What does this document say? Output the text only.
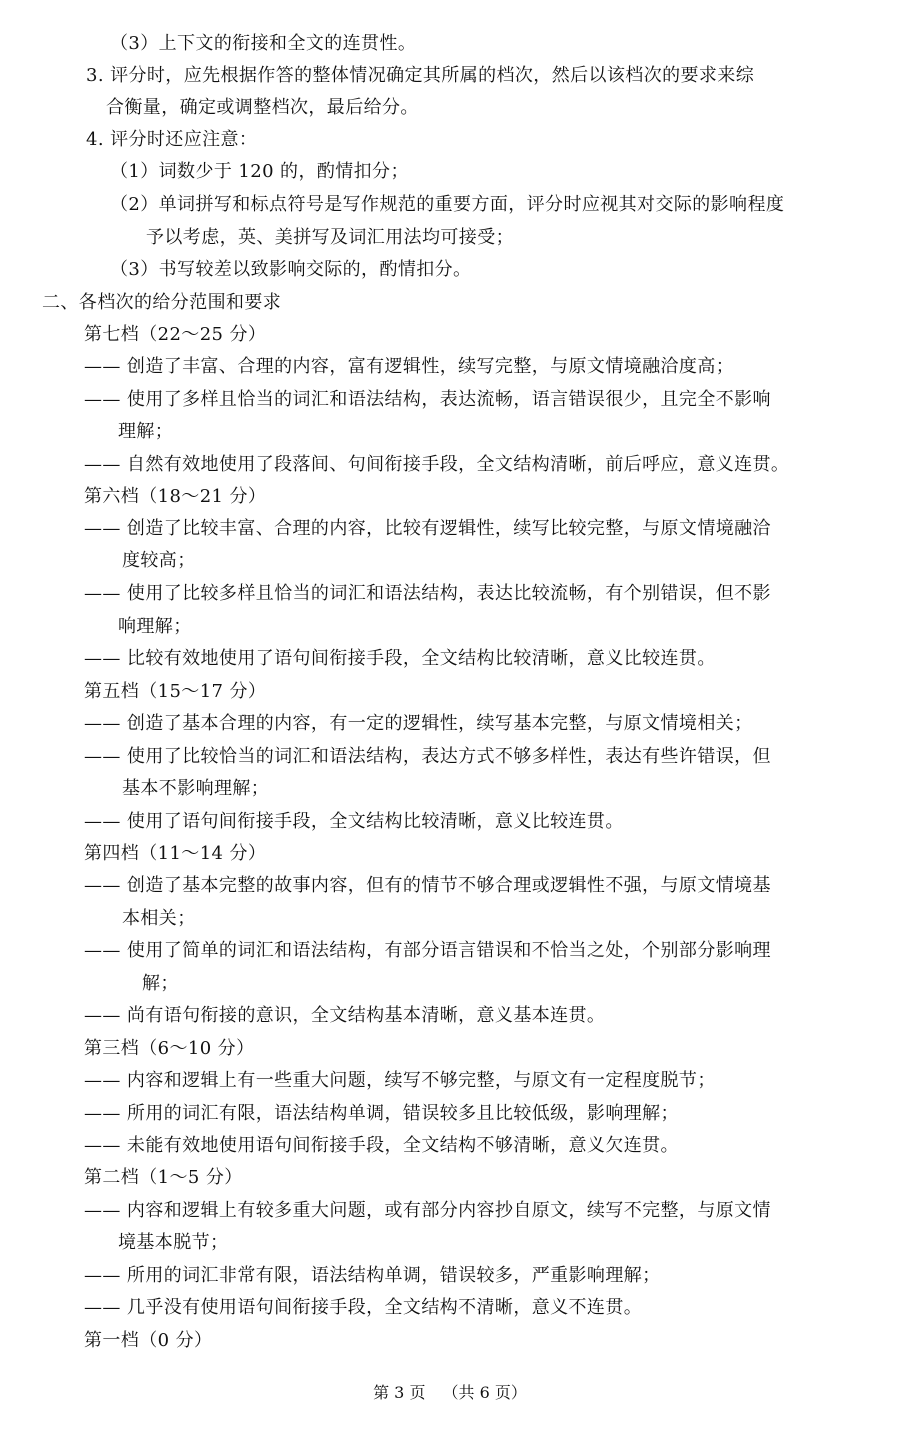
（3）上下文的衔接和全文的连贯性。
3. 评分时，应先根据作答的整体情况确定其所属的档次，然后以该档次的要求来综
合衡量，确定或调整档次，最后给分。
4. 评分时还应注意：
（1）词数少于 120 的，酌情扣分；
（2）单词拼写和标点符号是写作规范的重要方面，评分时应视其对交际的影响程度
予以考虑，英、美拼写及词汇用法均可接受；
（3）书写较差以致影响交际的，酌情扣分。
二、各档次的给分范围和要求
第七档（22～25 分）
—— 创造了丰富、合理的内容，富有逻辑性，续写完整，与原文情境融洽度高；
—— 使用了多样且恰当的词汇和语法结构，表达流畅，语言错误很少，且完全不影响
理解；
—— 自然有效地使用了段落间、句间衔接手段，全文结构清晰，前后呼应，意义连贯。
第六档（18～21 分）
—— 创造了比较丰富、合理的内容，比较有逻辑性，续写比较完整，与原文情境融洽
度较高；
—— 使用了比较多样且恰当的词汇和语法结构，表达比较流畅，有个别错误，但不影
响理解；
—— 比较有效地使用了语句间衔接手段，全文结构比较清晰，意义比较连贯。
第五档（15～17 分）
—— 创造了基本合理的内容，有一定的逻辑性，续写基本完整，与原文情境相关；
—— 使用了比较恰当的词汇和语法结构，表达方式不够多样性，表达有些许错误，但
基本不影响理解；
—— 使用了语句间衔接手段，全文结构比较清晰，意义比较连贯。
第四档（11～14 分）
—— 创造了基本完整的故事内容，但有的情节不够合理或逻辑性不强，与原文情境基
本相关；
—— 使用了简单的词汇和语法结构，有部分语言错误和不恰当之处，个别部分影响理
解；
—— 尚有语句衔接的意识，全文结构基本清晰，意义基本连贯。
第三档（6～10 分）
—— 内容和逻辑上有一些重大问题，续写不够完整，与原文有一定程度脱节；
—— 所用的词汇有限，语法结构单调，错误较多且比较低级，影响理解；
—— 未能有效地使用语句间衔接手段，全文结构不够清晰，意义欠连贯。
第二档（1～5 分）
—— 内容和逻辑上有较多重大问题，或有部分内容抄自原文，续写不完整，与原文情
境基本脱节；
—— 所用的词汇非常有限，语法结构单调，错误较多，严重影响理解；
—— 几乎没有使用语句间衔接手段，全文结构不清晰，意义不连贯。
第一档（0 分）
第 3 页 （共 6 页）
